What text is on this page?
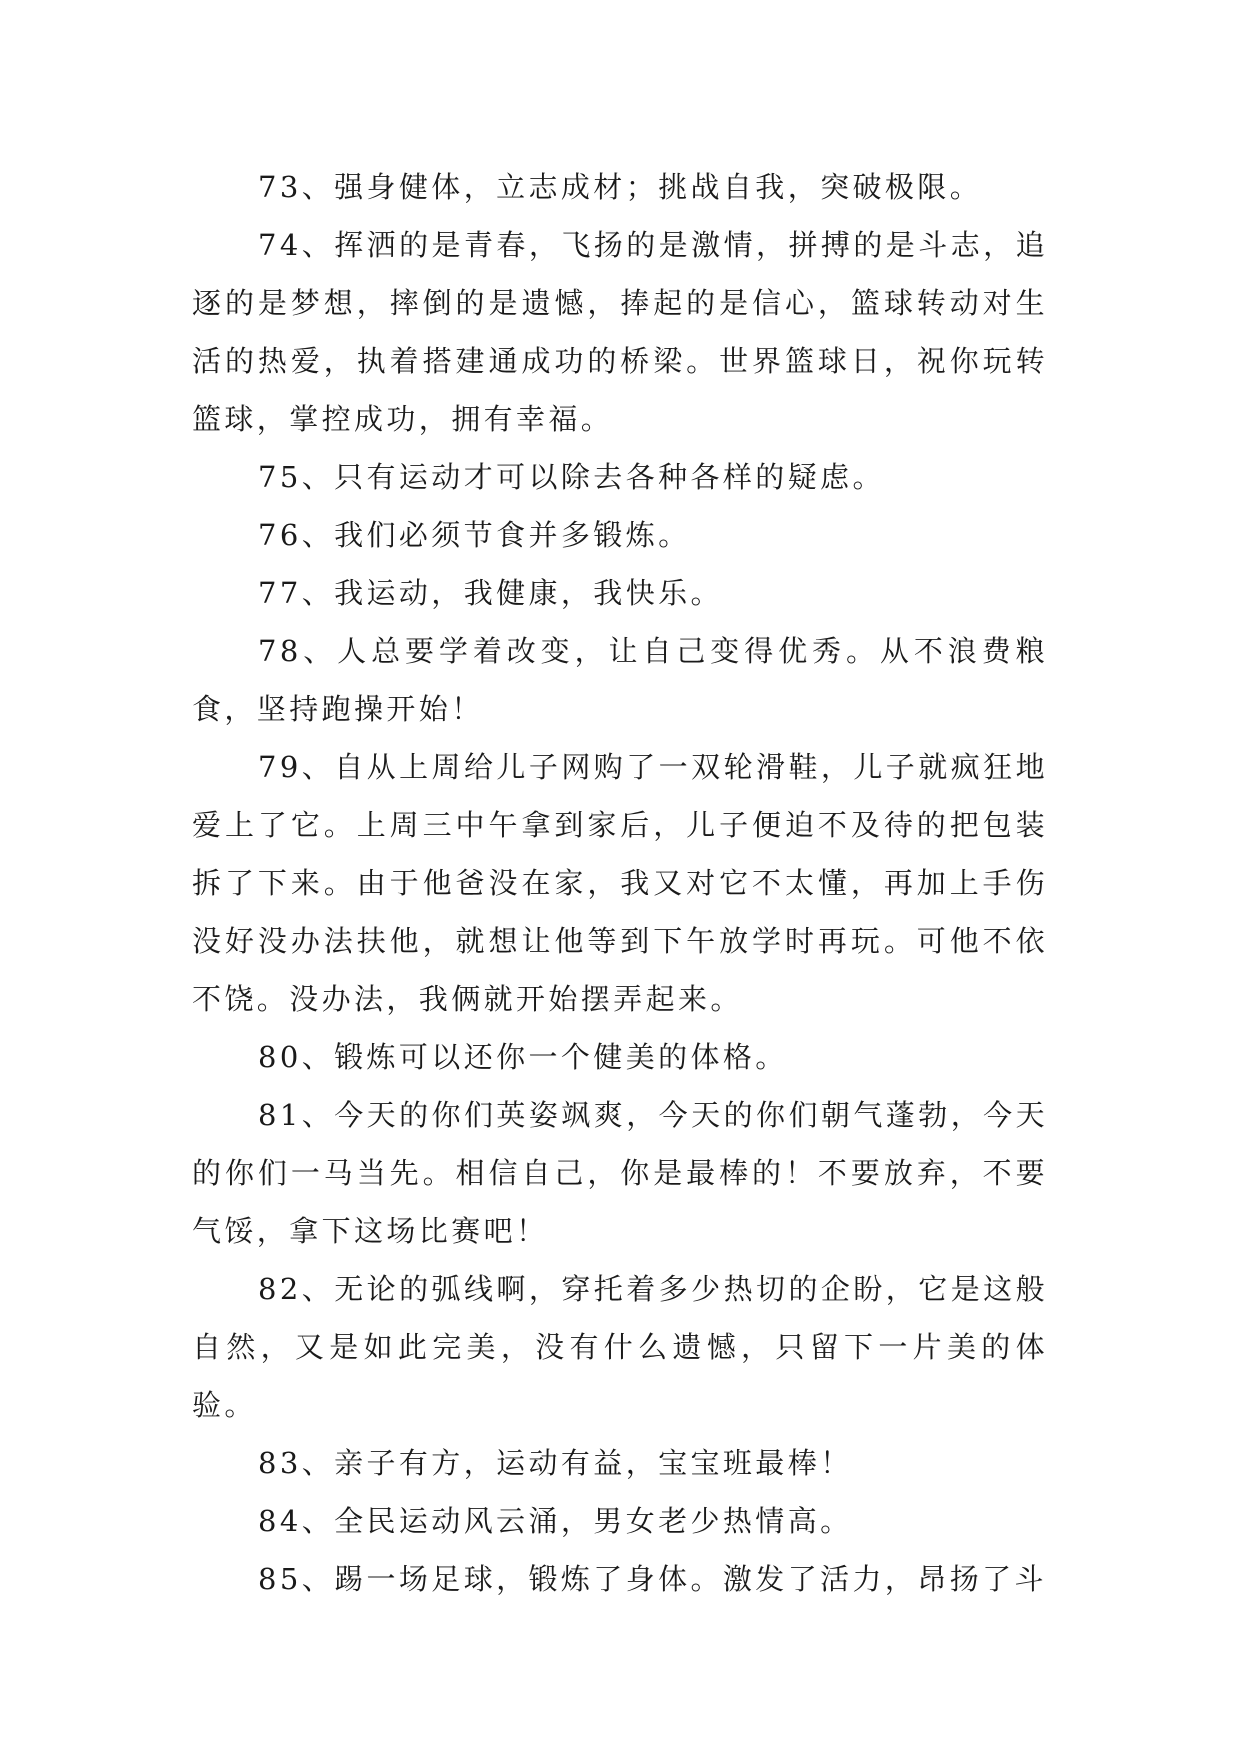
73、强身健体，立志成材；挑战自我，突破极限。

74、挥洒的是青春，飞扬的是激情，拼搏的是斗志，追逐的是梦想，摔倒的是遗憾，捧起的是信心，篮球转动对生活的热爱，执着搭建通成功的桥梁。世界篮球日，祝你玩转篮球，掌控成功，拥有幸福。

75、只有运动才可以除去各种各样的疑虑。

76、我们必须节食并多锻炼。

77、我运动，我健康，我快乐。

78、人总要学着改变，让自己变得优秀。从不浪费粮食，坚持跑操开始！

79、自从上周给儿子网购了一双轮滑鞋，儿子就疯狂地爱上了它。上周三中午拿到家后，儿子便迫不及待的把包装拆了下来。由于他爸没在家，我又对它不太懂，再加上手伤没好没办法扶他，就想让他等到下午放学时再玩。可他不依不饶。没办法，我俩就开始摆弄起来。

80、锻炼可以还你一个健美的体格。

81、今天的你们英姿飒爽，今天的你们朝气蓬勃，今天的你们一马当先。相信自己，你是最棒的！不要放弃，不要气馁，拿下这场比赛吧！

82、无论的弧线啊，穿托着多少热切的企盼，它是这般自然，又是如此完美，没有什么遗憾，只留下一片美的体验。

83、亲子有方，运动有益，宝宝班最棒！

84、全民运动风云涌，男女老少热情高。

85、踢一场足球，锻炼了身体。激发了活力，昂扬了斗
